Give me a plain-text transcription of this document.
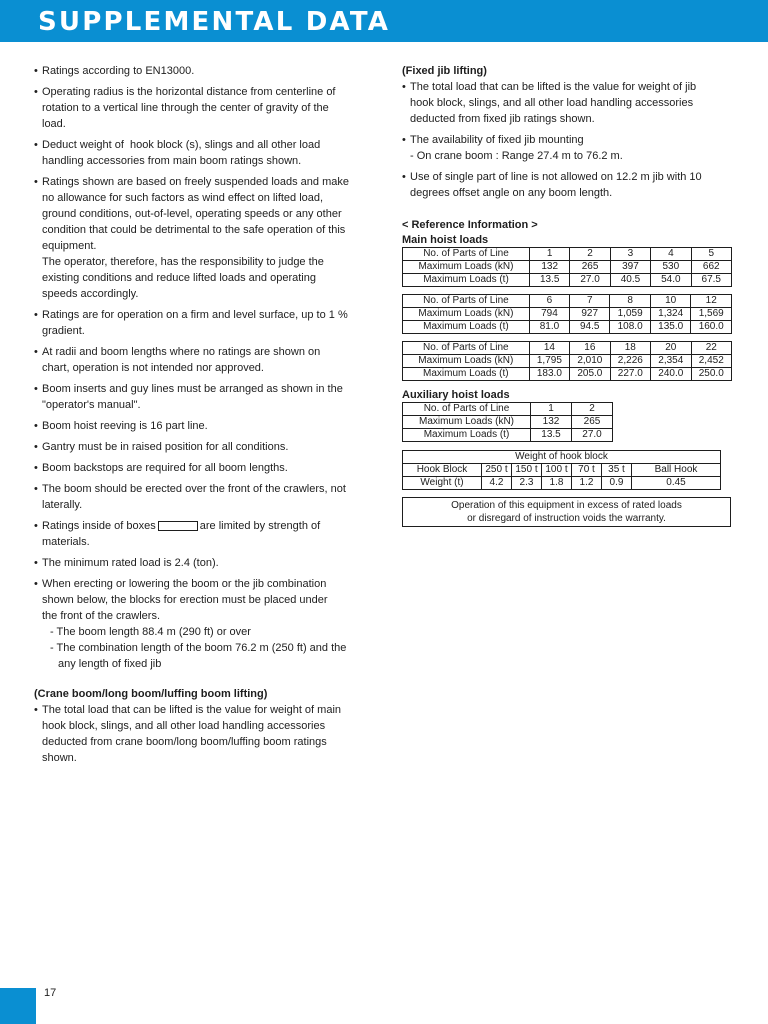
SUPPLEMENTAL DATA
• Ratings according to EN13000.
• Operating radius is the horizontal distance from centerline of
rotation to a vertical line through the center of gravity of the
load.
• Deduct weight of  hook block (s), slings and all other load
handling accessories from main boom ratings shown.
• Ratings shown are based on freely suspended loads and make
no allowance for such factors as wind effect on lifted load,
ground conditions, out-of-level, operating speeds or any other
condition that could be detrimental to the safe operation of this
equipment.
The operator, therefore, has the responsibility to judge the
existing conditions and reduce lifted loads and operating
speeds accordingly.
• Ratings are for operation on a firm and level surface, up to 1 %
gradient.
• At radii and boom lengths where no ratings are shown on
chart, operation is not intended nor approved.
• Boom inserts and guy lines must be arranged as shown in the
"operator's manual".
• Boom hoist reeving is 16 part line.
• Gantry must be in raised position for all conditions.
• Boom backstops are required for all boom lengths.
• The boom should be erected over the front of the crawlers, not
laterally.
• Ratings inside of boxes	are limited by strength of
materials.
• The minimum rated load is 2.4 (ton).
• When erecting or lowering the boom or the jib combination
shown below, the blocks for erection must be placed under
the front of the crawlers.
- The boom length 88.4 m (290 ft) or over
- The combination length of the boom 76.2 m (250 ft) and the
any length of fixed jib
(Crane boom/long boom/luffing boom lifting)
• The total load that can be lifted is the value for weight of main
hook block, slings, and all other load handling accessories
deducted from crane boom/long boom/luffing boom ratings
shown.
(Fixed jib lifting)
• The total load that can be lifted is the value for weight of jib
hook block, slings, and all other load handling accessories
deducted from fixed jib ratings shown.
• The availability of fixed jib mounting
- On crane boom : Range 27.4 m to 76.2 m.
• Use of single part of line is not allowed on 12.2 m jib with 10
degrees offset angle on any boom length.
< Reference Information >
Main hoist loads
No. of Parts of Line	1	2	3	4	5
Maximum Loads (kN)	132	265	397	530	662
Maximum Loads (t)	13.5	27.0	40.5	54.0	67.5
No. of Parts of Line	6	7	8	10	12
Maximum Loads (kN)	794	927	1,059	1,324	1,569
Maximum Loads (t)	81.0	94.5	108.0	135.0	160.0
No. of Parts of Line	14	16	18	20	22
Maximum Loads (kN)	1,795	2,010	2,226	2,354	2,452
Maximum Loads (t)	183.0	205.0	227.0	240.0	250.0
Auxiliary hoist loads
No. of Parts of Line	1	2
Maximum Loads (kN)	132	265
Maximum Loads (t)	13.5	27.0
Weight of hook block						
Hook Block	250 t	150 t	100 t	70 t	35 t	Ball Hook
Weight (t)	4.2	2.3	1.8	1.2	0.9	0.45
Operation of this equipment in excess of rated loads
or disregard of instruction voids the warranty.
17
